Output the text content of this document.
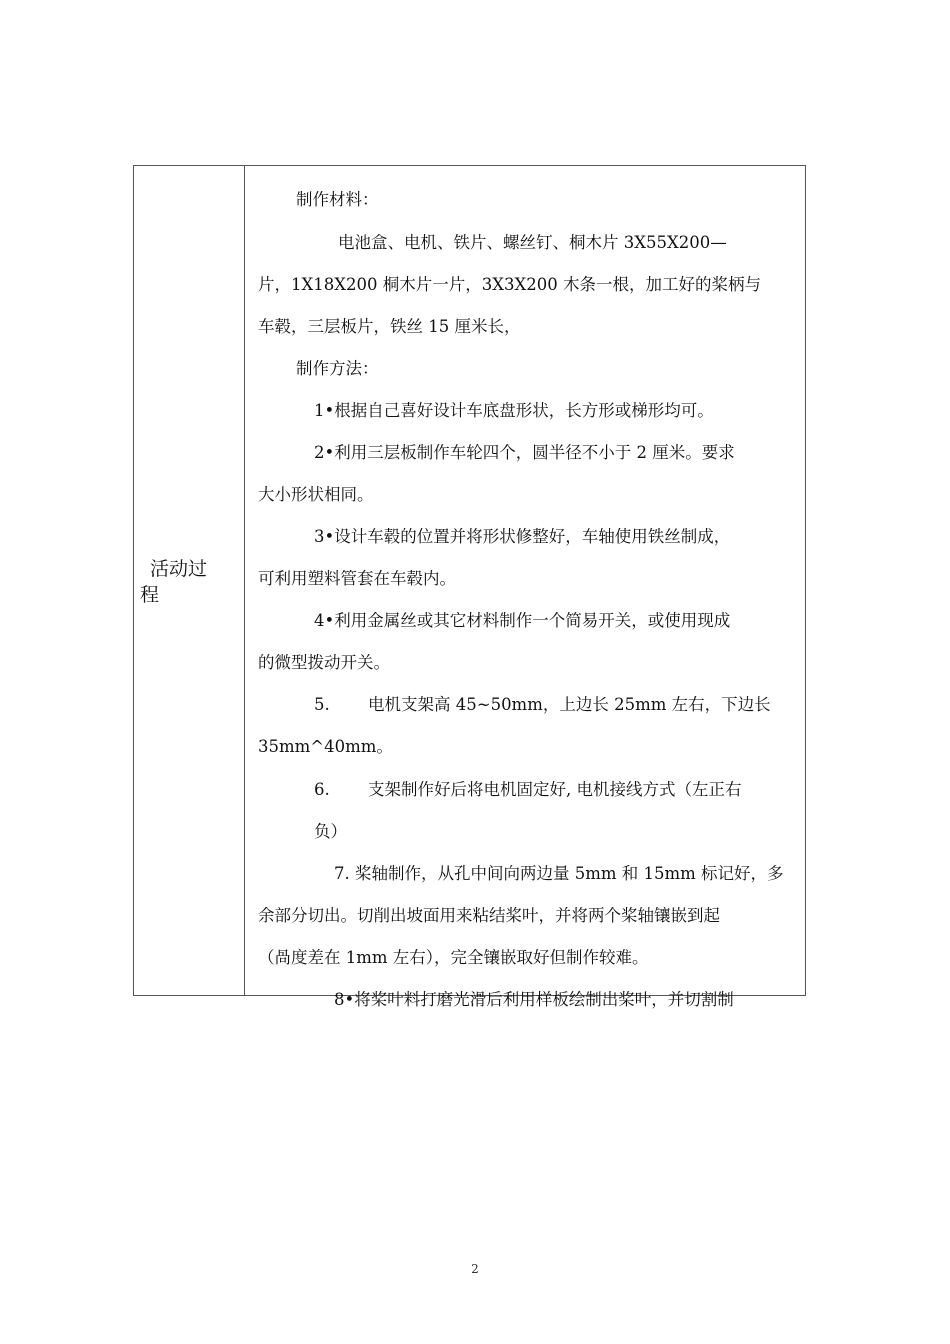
活动过
程
制作材料：
电池盒、电机、铁片、螺丝钉、桐木片 3X55X200—
片，1X18X200 桐木片一片，3X3X200 木条一根，加工好的桨柄与
车毂，三层板片，铁丝 15 厘米长，
制作方法：
1•根据自己喜好设计车底盘形状，长方形或梯形均可。
2•利用三层板制作车轮四个，圆半径不小于 2 厘米。要求
大小形状相同。
3•设计车毂的位置并将形状修整好，车轴使用铁丝制成，
可利用塑料管套在车毂内。
4•利用金属丝或其它材料制作一个简易开关，或使用现成
的微型拨动开关。
5. 电机支架高 45~50mm，上边长 25mm 左右，下边长
35mm^40mm。
6. 支架制作好后将电机固定好, 电机接线方式（左正右
负）
7. 桨轴制作，从孔中间向两边量 5mm 和 15mm 标记好，多
余部分切出。切削出坡面用来粘结桨叶，并将两个桨轴镶嵌到起
（咼度差在 1mm 左右），完全镶嵌取好但制作较难。
8•将桨叶料打磨光滑后利用样板绘制出桨叶，并切割制
2
